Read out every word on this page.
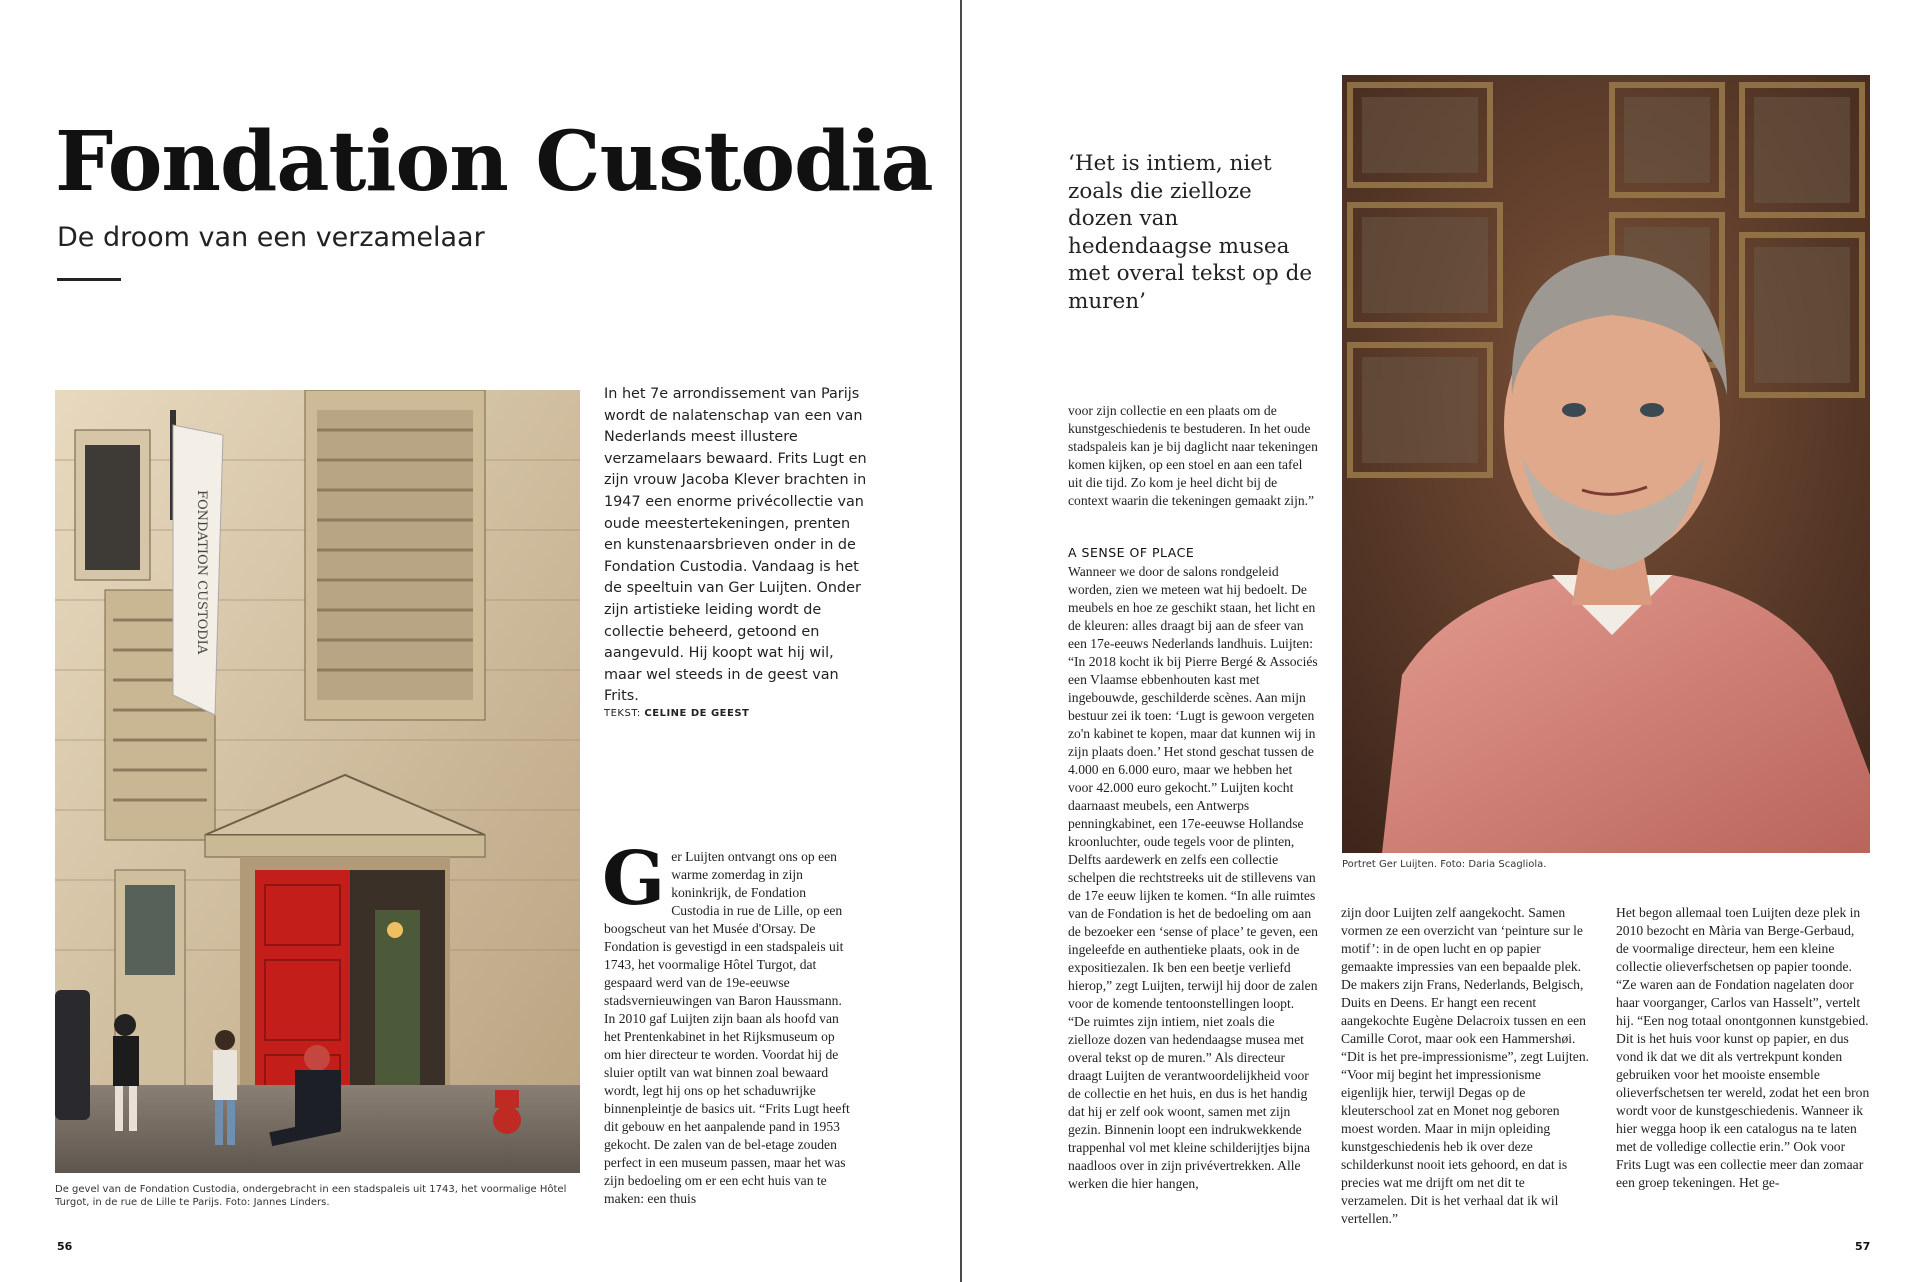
Fondation Custodia
De droom van een verzamelaar
FONDATION CUSTODIA
De gevel van de Fondation Custodia, ondergebracht in een stadspaleis uit 1743, het voormalige Hôtel Turgot, in de rue de Lille te Parijs. Foto: Jannes Linders.
In het 7e arrondissement van Parijs wordt de nalatenschap van een van Nederlands meest illustere verzamelaars bewaard. Frits Lugt en zijn vrouw Jacoba Klever brachten in 1947 een enorme privécollectie van oude meestertekeningen, prenten en kunstenaarsbrieven onder in de Fondation Custodia. Vandaag is het de speeltuin van Ger Luijten. Onder zijn artistieke leiding wordt de collectie beheerd, getoond en aangevuld. Hij koopt wat hij wil, maar wel steeds in de geest van Frits.
TEKST: CELINE DE GEEST

Ger Luijten ontvangt ons op een warme zomerdag in zijn koninkrijk, de Fondation Custodia in rue de Lille, op een boogscheut van het Musée d'Orsay. De Fondation is gevestigd in een stadspaleis uit 1743, het voormalige Hôtel Turgot, dat gespaard werd van de 19e-eeuwse stadsvernieuwingen van Baron Haussmann. In 2010 gaf Luijten zijn baan als hoofd van het Prentenkabinet in het Rijksmuseum op om hier directeur te worden. Voordat hij de sluier optilt van wat binnen zoal bewaard wordt, legt hij ons op het schaduwrijke binnenpleintje de basics uit. “Frits Lugt heeft dit gebouw en het aanpalende pand in 1953 gekocht. De zalen van de bel-etage zouden perfect in een museum passen, maar het was zijn bedoeling om er een echt huis van te maken: een thuis

56
‘Het is intiem, niet zoals die zielloze dozen van hedendaagse musea met overal tekst op de muren’

voor zijn collectie en een plaats om de kunstgeschiedenis te bestuderen. In het oude stadspaleis kan je bij daglicht naar tekeningen komen kijken, op een stoel en aan een tafel uit die tijd. Zo kom je heel dicht bij de context waarin die tekeningen gemaakt zijn.”

A SENSE OF PLACE

Wanneer we door de salons rondgeleid worden, zien we meteen wat hij bedoelt. De meubels en hoe ze geschikt staan, het licht en de kleuren: alles draagt bij aan de sfeer van een 17e-eeuws Nederlands landhuis. Luijten: “In 2018 kocht ik bij Pierre Bergé & Associés een Vlaamse ebbenhouten kast met ingebouwde, geschilderde scènes. Aan mijn bestuur zei ik toen: ‘Lugt is gewoon vergeten zo'n kabinet te kopen, maar dat kunnen wij in zijn plaats doen.’ Het stond geschat tussen de 4.000 en 6.000 euro, maar we hebben het voor 42.000 euro gekocht.” Luijten kocht daarnaast meubels, een Antwerps penningkabinet, een 17e-eeuwse Hollandse kroonluchter, oude tegels voor de plinten, Delfts aardewerk en zelfs een collectie schelpen die rechtstreeks uit de stillevens van de 17e eeuw lijken te komen. “In alle ruimtes van de Fondation is het de bedoeling om aan de bezoeker een ‘sense of place’ te geven, een ingeleefde en authentieke plaats, ook in de expositiezalen. Ik ben een beetje verliefd hierop,” zegt Luijten, terwijl hij door de zalen voor de komende tentoonstellingen loopt. “De ruimtes zijn intiem, niet zoals die zielloze dozen van hedendaagse musea met overal tekst op de muren.” Als directeur draagt Luijten de verantwoordelijkheid voor de collectie en het huis, en dus is het handig dat hij er zelf ook woont, samen met zijn gezin. Binnenin loopt een indrukwekkende trappenhal vol met kleine schilderijtjes bijna naadloos over in zijn privévertrekken. Alle werken die hier hangen,

Portret Ger Luijten. Foto: Daria Scagliola.

zijn door Luijten zelf aangekocht. Samen vormen ze een overzicht van ‘peinture sur le motif’: in de open lucht en op papier gemaakte impressies van een bepaalde plek. De makers zijn Frans, Nederlands, Belgisch, Duits en Deens. Er hangt een recent aangekochte Eugène Delacroix tussen en een Camille Corot, maar ook een Hammershøi. “Dit is het pre-impressionisme”, zegt Luijten. “Voor mij begint het impressionisme eigenlijk hier, terwijl Degas op de kleuterschool zat en Monet nog geboren moest worden. Maar in mijn opleiding kunstgeschiedenis heb ik over deze schilderkunst nooit iets gehoord, en dat is precies wat me drijft om net dit te verzamelen. Dit is het verhaal dat ik wil vertellen.”

Het begon allemaal toen Luijten deze plek in 2010 bezocht en Mària van Berge-Gerbaud, de voormalige directeur, hem een kleine collectie olieverfschetsen op papier toonde. “Ze waren aan de Fondation nagelaten door haar voorganger, Carlos van Hasselt”, vertelt hij. “Een nog totaal onontgonnen kunstgebied. Dit is het huis voor kunst op papier, en dus vond ik dat we dit als vertrekpunt konden gebruiken voor het mooiste ensemble olieverfschetsen ter wereld, zodat het een bron wordt voor de kunstgeschiedenis. Wanneer ik hier wegga hoop ik een catalogus na te laten met de volledige collectie erin.” Ook voor Frits Lugt was een collectie meer dan zomaar een groep tekeningen. Het ge-

57
